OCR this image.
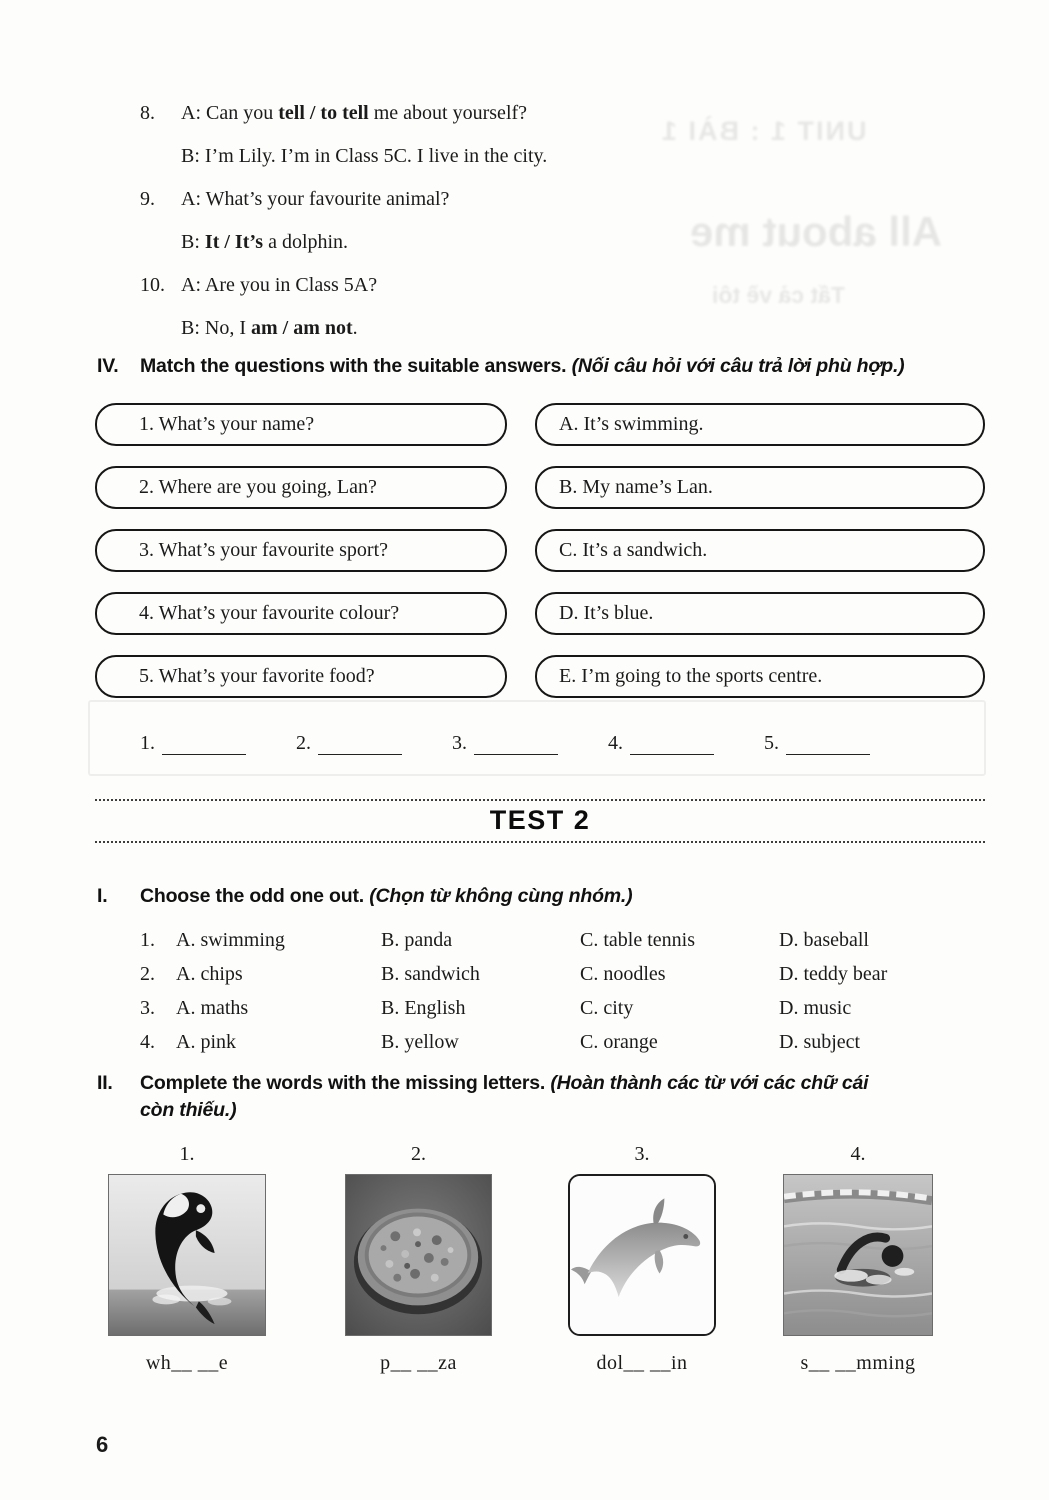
UNIT 1 : BÀI 1
All about me
Tất cả về tôi
8.	A: Can you tell / to tell me about yourself?
B: I’m Lily. I’m in Class 5C. I live in the city.
9.	A: What’s your favourite animal?
B: It / It’s a dolphin.
10. A: Are you in Class 5A?
B: No, I am / am not.
IV. Match the questions with the suitable answers. (Nối câu hỏi với câu trả lời phù hợp.)
1. What’s your name?	A. It’s swimming.
2. Where are you going, Lan?	B. My name’s Lan.
3. What’s your favourite sport?	C. It’s a sandwich.
4. What’s your favourite colour?	D. It’s blue.
5. What’s your favorite food?	E. I’m going to the sports centre.
1.	2.	3.	4.	5.
TEST 2
I. Choose the odd one out. (Chọn từ không cùng nhóm.)
1.	A. swimming	B. panda	C. table tennis	D. baseball
2.	A. chips	B. sandwich	C. noodles	D. teddy bear
3.	A. maths	B. English	C. city	D. music
4.	A. pink	B. yellow	C. orange	D. subject
II. Complete the words with the missing letters. (Hoàn thành các từ với các chữ cái
còn thiếu.)
1.
wh__ __e
2.
p__ __za
3.
dol__ __in
4.
s__ __mming
6
